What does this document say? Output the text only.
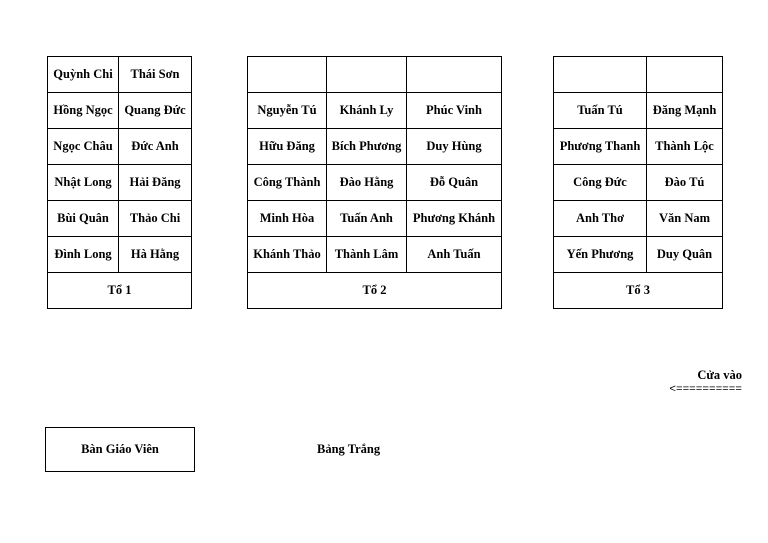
Quỳnh Chi	Thái Sơn
Hồng Ngọc	Quang Đức
Ngọc Châu	Đức Anh
Nhật Long	Hải Đăng
Bùi Quân	Thảo Chi
Đình Long	Hà Hằng
Tổ 1	

Nguyễn Tú	Khánh Ly	Phúc Vinh
Hữu Đăng	Bích Phương	Duy Hùng
Công Thành	Đào Hằng	Đỗ Quân
Minh Hòa	Tuấn Anh	Phương Khánh
Khánh Thảo	Thành Lâm	Anh Tuấn
Tổ 2		

Tuấn Tú	Đăng Mạnh
Phương Thanh	Thành Lộc
Công Đức	Đào Tú
Anh Thơ	Văn Nam
Yến Phương	Duy Quân
Tổ 3	
Cửa vào
<==========
Bàn Giáo Viên	Bảng Trắng
